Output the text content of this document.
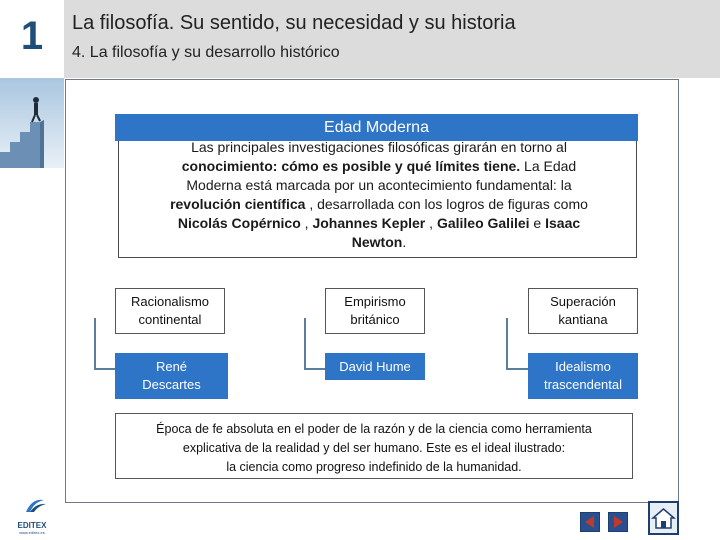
1	La filosofía. Su sentido, su necesidad y su historia
4. La filosofía y su desarrollo histórico
Edad Moderna
Las principales investigaciones filosóficas girarán en torno al
conocimiento: cómo es posible y qué límites tiene. La Edad
Moderna está marcada por un acontecimiento fundamental: la
revolución científica , desarrollada con los logros de figuras como
Nicolás Copérnico , Johannes Kepler , Galileo Galilei e Isaac
Newton.
Racionalismo continental
Empirismo británico
Superación kantiana
René Descartes
David Hume	Idealismo trascendental
Época de fe absoluta en el poder de la razón y de la ciencia como herramienta
explicativa de la realidad y del ser humano. Este es el ideal ilustrado:
la ciencia como progreso indefinido de la humanidad.
EDITEX
www.editex.es
